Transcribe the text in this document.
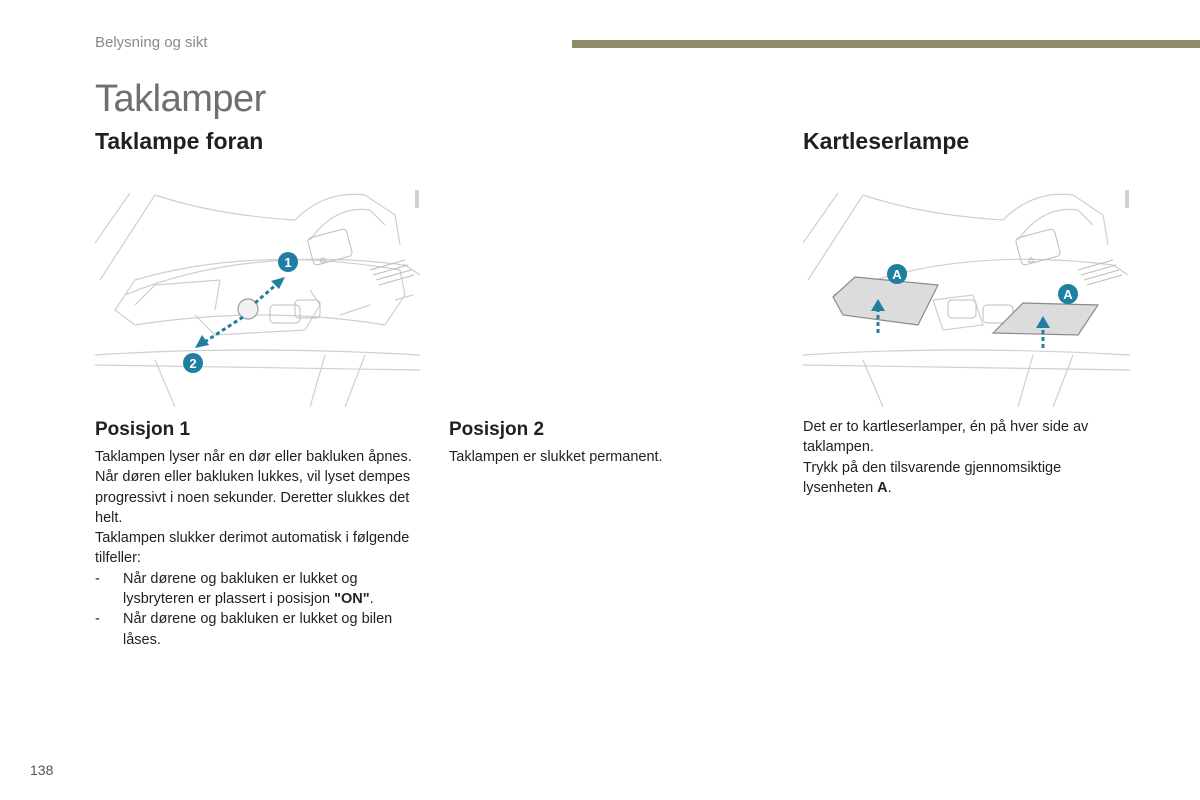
Belysning og sikt
Taklamper
Taklampe foran	Kartleserlampe
✲
1
2
✲
A
A
Posisjon 1

Taklampen lyser når en dør eller bakluken åpnes.

Når døren eller bakluken lukkes, vil lyset dempes progressivt i noen sekunder. Deretter slukkes det helt.

Taklampen slukker derimot automatisk i følgende tilfeller:

-	Når dørene og bakluken er lukket og lysbryteren er plassert i posisjon "ON".
-	Når dørene og bakluken er lukket og bilen låses.
Posisjon 2

Taklampen er slukket permanent.

Det er to kartleserlamper, én på hver side av taklampen.

Trykk på den tilsvarende gjennomsiktige lysenheten A.

138
